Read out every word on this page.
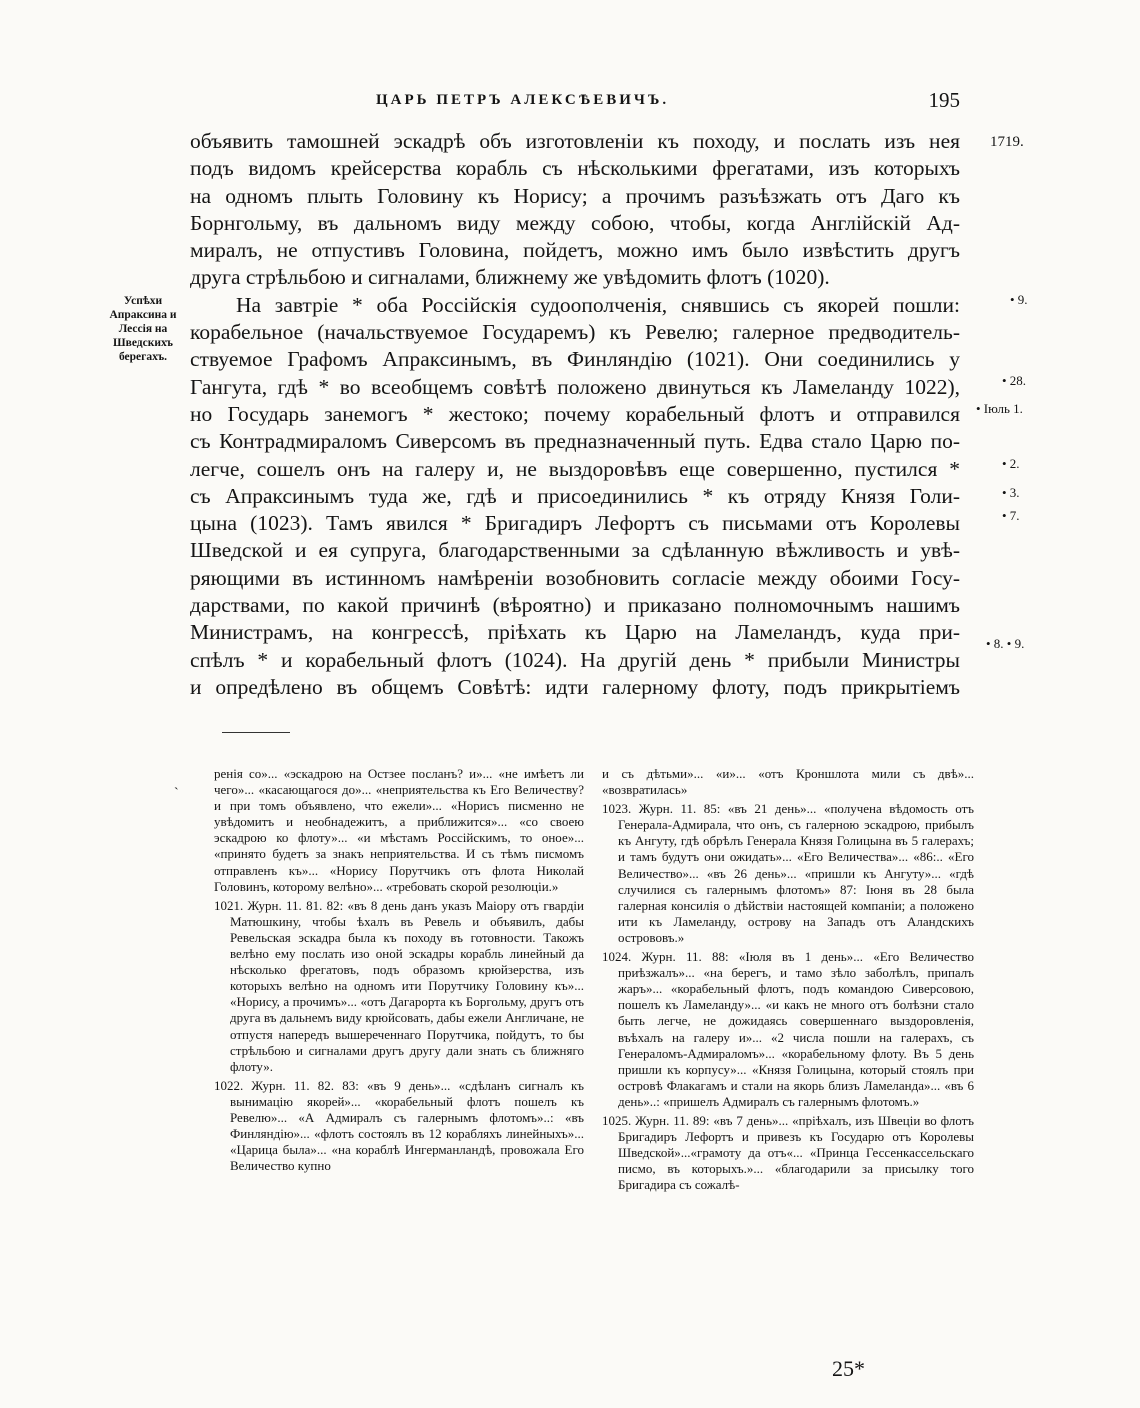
ЦАРЬ ПЕТРЪ АЛЕКСѢЕВИЧЪ.	195
1719.
Успѣхи Апраксина и Лессія на Шведскихъ берегахъ.
• 9.
• 28.
• Іюль 1.
• 2.
• 3.
• 7.
• 8. • 9.

объявить тамошней эскадрѣ объ изготовленіи къ походу, и послать изъ нея
подъ видомъ крейсерства корабль съ нѣсколькими фрегатами, изъ которыхъ
на одномъ плыть Головину къ Норису; а прочимъ разъѣзжать отъ Даго къ
Борнгольму, въ дальномъ виду между собою, чтобы, когда Англійскій Ад-
миралъ, не отпустивъ Головина, пойдетъ, можно имъ было извѣстить другъ
друга стрѣльбою и сигналами, ближнему же увѣдомить флотъ (1020).

На завтріе * оба Россійскія судоополченія, снявшись съ якорей пошли:
корабельное (начальствуемое Государемъ) къ Ревелю; галерное предводитель-
ствуемое Графомъ Апраксинымъ, въ Финляндію (1021). Они соединились у
Гангута, гдѣ * во всеобщемъ совѣтѣ положено двинуться къ Ламеланду 1022),
но Государь занемогъ * жестоко; почему корабельный флотъ и отправился
съ Контрадмираломъ Сиверсомъ въ предназначенный путь. Едва стало Царю по-
легче, сошелъ онъ на галеру и, не выздоровѣвъ еще совершенно, пустился *
съ Апраксинымъ туда же, гдѣ и присоединились * къ отряду Князя Голи-
цына (1023). Тамъ явился * Бригадиръ Лефортъ съ письмами отъ Королевы
Шведской и ея супруга, благодарственными за сдѣланную вѣжливость и увѣ-
ряющими въ истинномъ намѣреніи возобновить согласіе между обоими Госу-
дарствами, по какой причинѣ (вѣроятно) и приказано полномочнымъ нашимъ
Министрамъ, на конгрессѣ, пріѣхать къ Царю на Ламеландъ, куда при-
спѣлъ * и корабельный флотъ (1024). На другій день * прибыли Министры
и опредѣлено въ общемъ Совѣтѣ: идти галерному флоту, подъ прикрытіемъ

ˋ

ренія со»... «эскадрою на Остзее посланъ? и»... «не имѣетъ ли чего»... «касающагося до»... «неприятельства къ Его Величеству? и при томъ объявлено, что ежели»... «Норисъ писменно не увѣдомитъ и необнадежитъ, а приближится»... «со своею эскадрою ко флоту»... «и мѣстамъ Россійскимъ, то оное»... «принято будетъ за знакъ неприятельства. И съ тѣмъ писмомъ отправленъ къ»... «Норису Порутчикъ отъ флота Николай Головинъ, которому велѣно»... «требовать скорой резолюціи.»

1021. Журн. 11. 81. 82: «въ 8 день данъ указъ Маіору отъ гвардіи Матюшкину, чтобы ѣхалъ въ Ревель и объявилъ, дабы Ревельская эскадра была къ походу въ готовности. Такожъ велѣно ему послать изо оной эскадры корабль линейный да нѣсколько фрегатовъ, подъ образомъ крюйзерства, изъ которыхъ велѣно на одномъ ити Порутчику Головину къ»... «Норису, а прочимъ»... «отъ Дагарорта къ Боргольму, другъ отъ друга въ дальнемъ виду крюйсовать, дабы ежели Англичане, не отпустя напередъ вышереченнаго Порутчика, пойдутъ, то бы стрѣльбою и сигналами другъ другу дали знать съ ближняго флоту».

1022. Журн. 11. 82. 83: «въ 9 день»... «сдѣланъ сигналъ къ вынимацію якорей»... «корабельный флотъ пошелъ къ Ревелю»... «А Адмиралъ съ галернымъ флотомъ»..: «въ Финляндію»... «флотъ состоялъ въ 12 корабляхъ линейныхъ»... «Царица была»... «на кораблѣ Ингерманландѣ, провожала Его Величество купно

и съ дѣтьми»... «и»... «отъ Кроншлота мили съ двѣ»... «возвратилась»

1023. Журн. 11. 85: «въ 21 день»... «получена вѣдомость отъ Генерала-Адмирала, что онъ, съ галерною эскадрою, прибылъ къ Ангуту, гдѣ обрѣлъ Генерала Князя Голицына въ 5 галерахъ; и тамъ будутъ они ожидать»... «Его Величества»... «86:.. «Его Величество»... «въ 26 день»... «пришли къ Ангуту»... «гдѣ случилися съ галернымъ флотомъ» 87: Іюня въ 28 была галерная консилія о дѣйствіи настоящей компаніи; а положено ити къ Ламеланду, острову на Западъ отъ Аландскихъ острововъ.»

1024. Журн. 11. 88: «Іюля въ 1 день»... «Его Величество приѣзжалъ»... «на берегъ, и тамо зѣло заболѣлъ, припалъ жаръ»... «корабельный флотъ, подъ командою Сиверсовою, пошелъ къ Ламеланду»... «и какъ не много отъ болѣзни стало быть легче, не дожидаясь совершеннаго выздоровленія, въѣхалъ на галеру и»... «2 числа пошли на галерахъ, съ Генераломъ-Адмираломъ»... «корабельному флоту. Въ 5 день пришли къ корпусу»... «Князя Голицына, который стоялъ при островѣ Флакагамъ и стали на якорь близъ Ламеланда»... «въ 6 день»..: «пришелъ Адмиралъ съ галернымъ флотомъ.»

1025. Журн. 11. 89: «въ 7 день»... «пріѣхалъ, изъ Швеціи во флотъ Бригадиръ Лефортъ и привезъ къ Государю отъ Королевы Шведской»...«грамоту да отъ«... «Принца Гессенкассельскаго писмо, въ которыхъ.»... «благодарили за присылку того Бригадира съ сожалѣ-

25*
